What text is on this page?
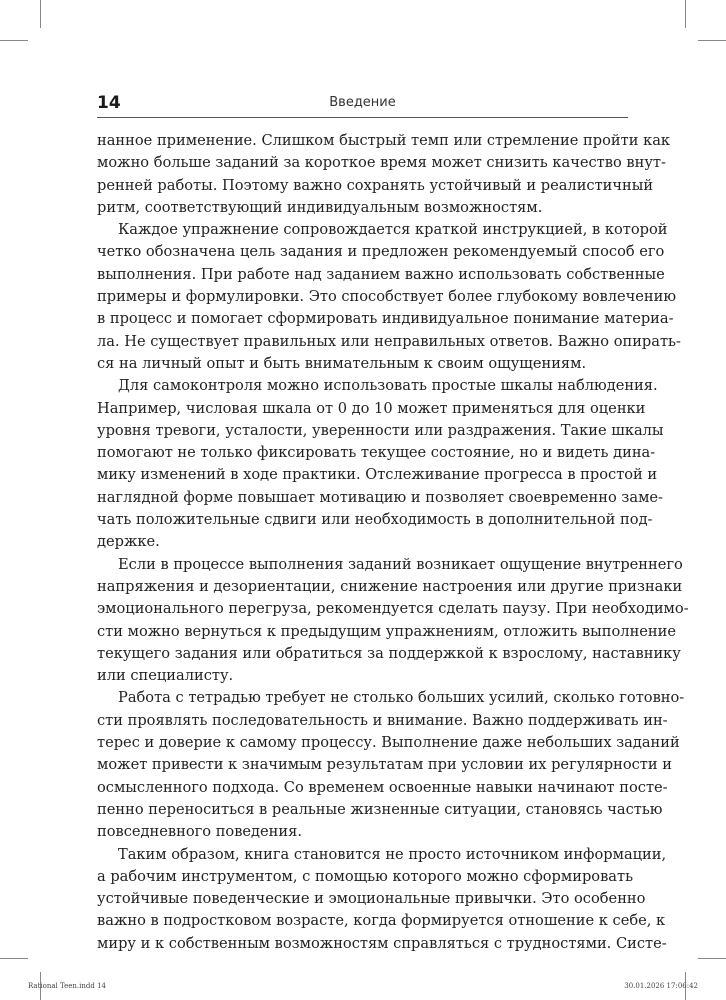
14	Введение
нанное применение. Слишком быстрый темп или стремление пройти как
можно больше заданий за короткое время может снизить качество внут-
ренней работы. Поэтому важно сохранять устойчивый и реалистичный
ритм, соответствующий индивидуальным возможностям.
Каждое упражнение сопровождается краткой инструкцией, в которой
четко обозначена цель задания и предложен рекомендуемый способ его
выполнения. При работе над заданием важно использовать собственные
примеры и формулировки. Это способствует более глубокому вовлечению
в процесс и помогает сформировать индивидуальное понимание материа-
ла. Не существует правильных или неправильных ответов. Важно опирать-
ся на личный опыт и быть внимательным к своим ощущениям.
Для самоконтроля можно использовать простые шкалы наблюдения.
Например, числовая шкала от 0 до 10 может применяться для оценки
уровня тревоги, усталости, уверенности или раздражения. Такие шкалы
помогают не только фиксировать текущее состояние, но и видеть дина-
мику изменений в ходе практики. Отслеживание прогресса в простой и
наглядной форме повышает мотивацию и позволяет своевременно заме-
чать положительные сдвиги или необходимость в дополнительной под-
держке.
Если в процессе выполнения заданий возникает ощущение внутреннего
напряжения и дезориентации, снижение настроения или другие признаки
эмоционального перегруза, рекомендуется сделать паузу. При необходимо-
сти можно вернуться к предыдущим упражнениям, отложить выполнение
текущего задания или обратиться за поддержкой к взрослому, наставнику
или специалисту.
Работа с тетрадью требует не столько больших усилий, сколько готовно-
сти проявлять последовательность и внимание. Важно поддерживать ин-
терес и доверие к самому процессу. Выполнение даже небольших заданий
может привести к значимым результатам при условии их регулярности и
осмысленного подхода. Со временем освоенные навыки начинают посте-
пенно переноситься в реальные жизненные ситуации, становясь частью
повседневного поведения.
Таким образом, книга становится не просто источником информации,
а рабочим инструментом, с помощью которого можно сформировать
устойчивые поведенческие и эмоциональные привычки. Это особенно
важно в подростковом возрасте, когда формируется отношение к себе, к
миру и к собственным возможностям справляться с трудностями. Систе-
Rational Teen.indd 14	30.01.2026 17:06:42
